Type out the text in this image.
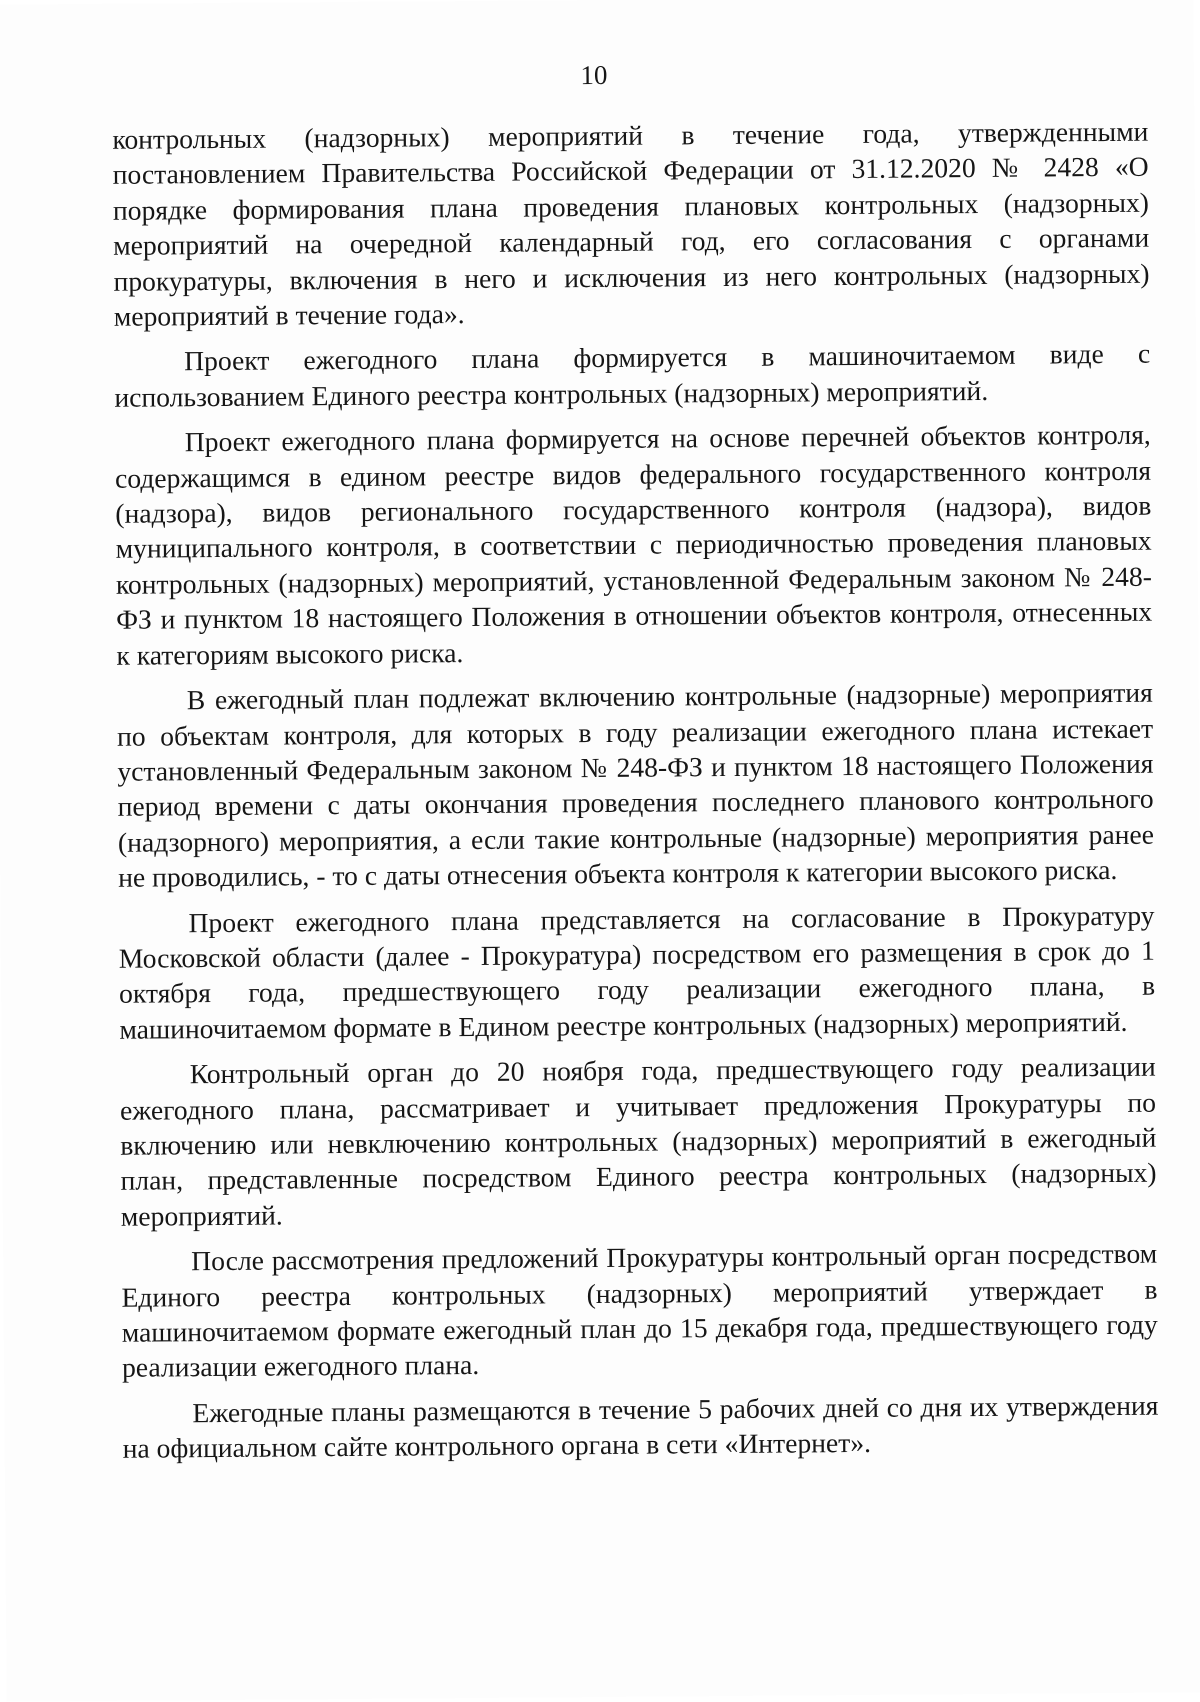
10

контрольных (надзорных) мероприятий в течение года, утвержденными постановлением Правительства Российской Федерации от 31.12.2020 № 2428 «О порядке формирования плана проведения плановых контрольных (надзорных) мероприятий на очередной календарный год, его согласования с органами прокуратуры, включения в него и исключения из него контрольных (надзорных) мероприятий в течение года».

Проект ежегодного плана формируется в машиночитаемом виде с использованием Единого реестра контрольных (надзорных) мероприятий.

Проект ежегодного плана формируется на основе перечней объектов контроля, содержащимся в едином реестре видов федерального государственного контроля (надзора), видов регионального государственного контроля (надзора), видов муниципального контроля, в соответствии с периодичностью проведения плановых контрольных (надзорных) мероприятий, установленной Федеральным законом № 248-ФЗ и пунктом 18 настоящего Положения в отношении объектов контроля, отнесенных к категориям высокого риска.

В ежегодный план подлежат включению контрольные (надзорные) мероприятия по объектам контроля, для которых в году реализации ежегодного плана истекает установленный Федеральным законом № 248-ФЗ и пунктом 18 настоящего Положения период времени с даты окончания проведения последнего планового контрольного (надзорного) мероприятия, а если такие контрольные (надзорные) мероприятия ранее не проводились, - то с даты отнесения объекта контроля к категории высокого риска.

Проект ежегодного плана представляется на согласование в Прокуратуру Московской области (далее - Прокуратура) посредством его размещения в срок до 1 октября года, предшествующего году реализации ежегодного плана, в машиночитаемом формате в Едином реестре контрольных (надзорных) мероприятий.

Контрольный орган до 20 ноября года, предшествующего году реализации ежегодного плана, рассматривает и учитывает предложения Прокуратуры по включению или невключению контрольных (надзорных) мероприятий в ежегодный план, представленные посредством Единого реестра контрольных (надзорных) мероприятий.

После рассмотрения предложений Прокуратуры контрольный орган посредством Единого реестра контрольных (надзорных) мероприятий утверждает в машиночитаемом формате ежегодный план до 15 декабря года, предшествующего году реализации ежегодного плана.

Ежегодные планы размещаются в течение 5 рабочих дней со дня их утверждения на официальном сайте контрольного органа в сети «Интернет».
